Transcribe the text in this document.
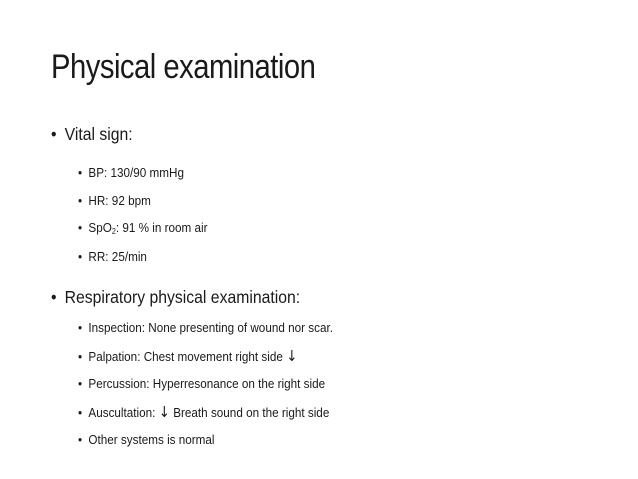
Physical examination
• Vital sign:
• BP: 130/90 mmHg
• HR: 92 bpm
• SpO$_2$: 91 % in room air
• RR: 25/min
• Respiratory physical examination:
• Inspection: None presenting of wound nor scar.
• Palpation: Chest movement right side ↓
• Percussion: Hyperresonance on the right side
• Auscultation: ↓ Breath sound on the right side
• Other systems is normal
